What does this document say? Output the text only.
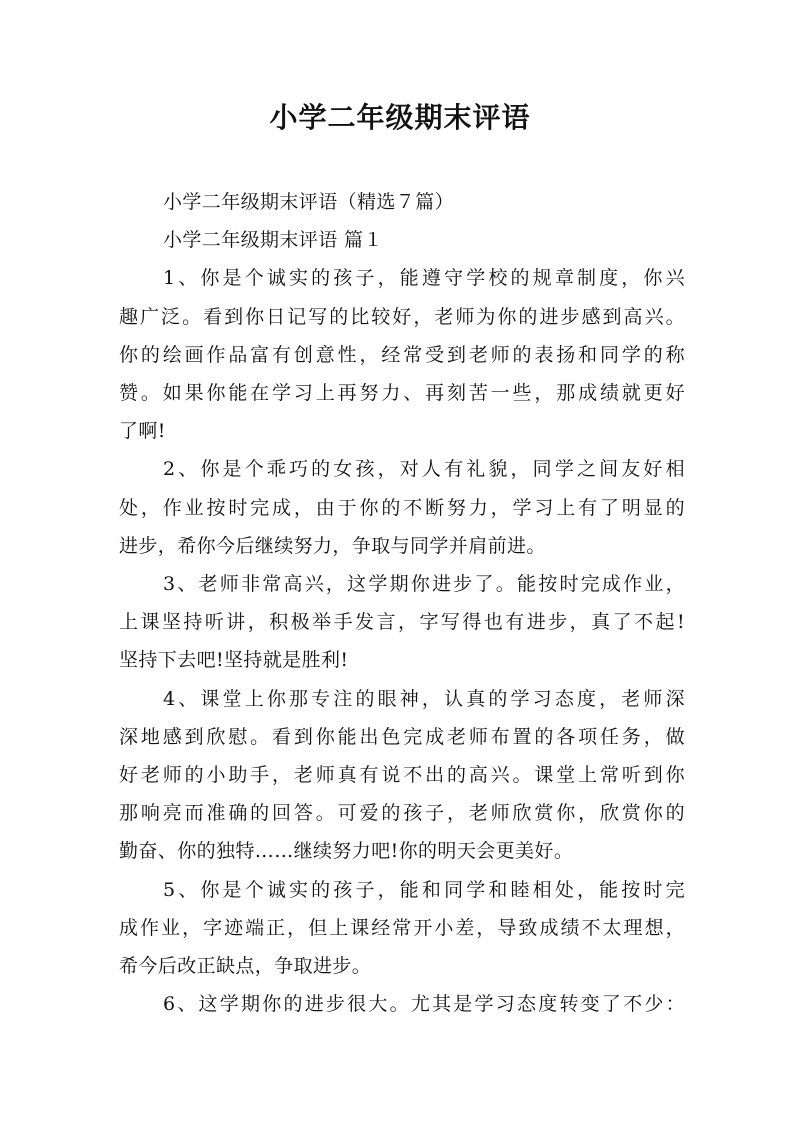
小学二年级期末评语
小学二年级期末评语（精选７篇）
小学二年级期末评语 篇１
1、你是个诚实的孩子，能遵守学校的规章制度，你兴
趣广泛。看到你日记写的比较好，老师为你的进步感到高兴。
你的绘画作品富有创意性，经常受到老师的表扬和同学的称
赞。如果你能在学习上再努力、再刻苦一些，那成绩就更好
了啊!
2、你是个乖巧的女孩，对人有礼貌，同学之间友好相
处，作业按时完成，由于你的不断努力，学习上有了明显的
进步，希你今后继续努力，争取与同学并肩前进。
3、老师非常高兴，这学期你进步了。能按时完成作业，
上课坚持听讲，积极举手发言，字写得也有进步，真了不起!
坚持下去吧!坚持就是胜利!
4、课堂上你那专注的眼神，认真的学习态度，老师深
深地感到欣慰。看到你能出色完成老师布置的各项任务，做
好老师的小助手，老师真有说不出的高兴。课堂上常听到你
那响亮而准确的回答。可爱的孩子，老师欣赏你，欣赏你的
勤奋、你的独特……继续努力吧!你的明天会更美好。
5、你是个诚实的孩子，能和同学和睦相处，能按时完
成作业，字迹端正，但上课经常开小差，导致成绩不太理想，
希今后改正缺点，争取进步。
6、这学期你的进步很大。尤其是学习态度转变了不少：
